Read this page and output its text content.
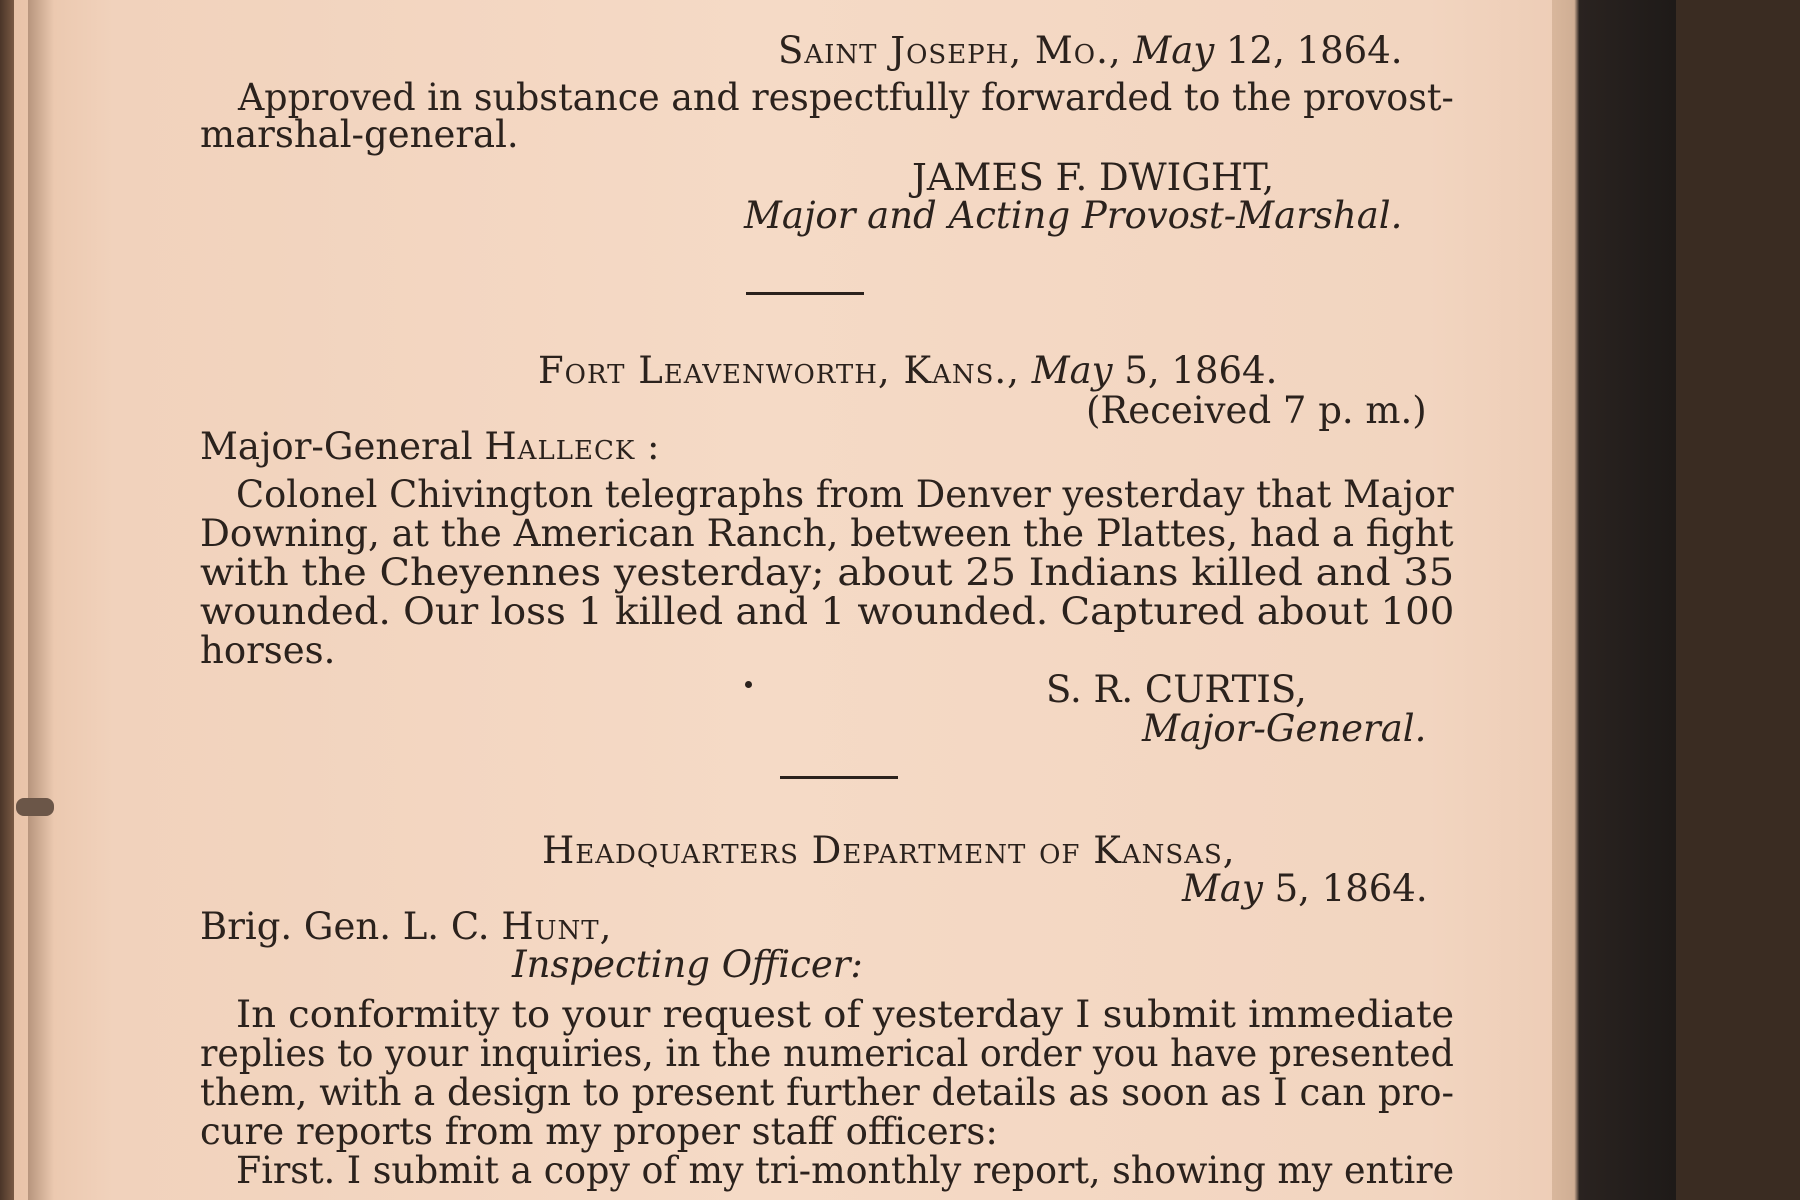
Saint Joseph, Mo., May 12, 1864.
Approved in substance and respectfully forwarded to the provost-
marshal-general.
JAMES F. DWIGHT,
Major and Acting Provost-Marshal.
Fort Leavenworth, Kans., May 5, 1864.
(Received 7 p. m.)
Major-General Halleck :
Colonel Chivington telegraphs from Denver yesterday that Major
Downing, at the American Ranch, between the Plattes, had a fight
with the Cheyennes yesterday; about 25 Indians killed and 35
wounded. Our loss 1 killed and 1 wounded. Captured about 100
horses.
S. R. CURTIS,
Major-General.
Headquarters Department of Kansas,
May 5, 1864.
Brig. Gen. L. C. Hunt,
Inspecting Officer:
In conformity to your request of yesterday I submit immediate
replies to your inquiries, in the numerical order you have presented
them, with a design to present further details as soon as I can pro-
cure reports from my proper staff officers:
First. I submit a copy of my tri-monthly report, showing my entire
